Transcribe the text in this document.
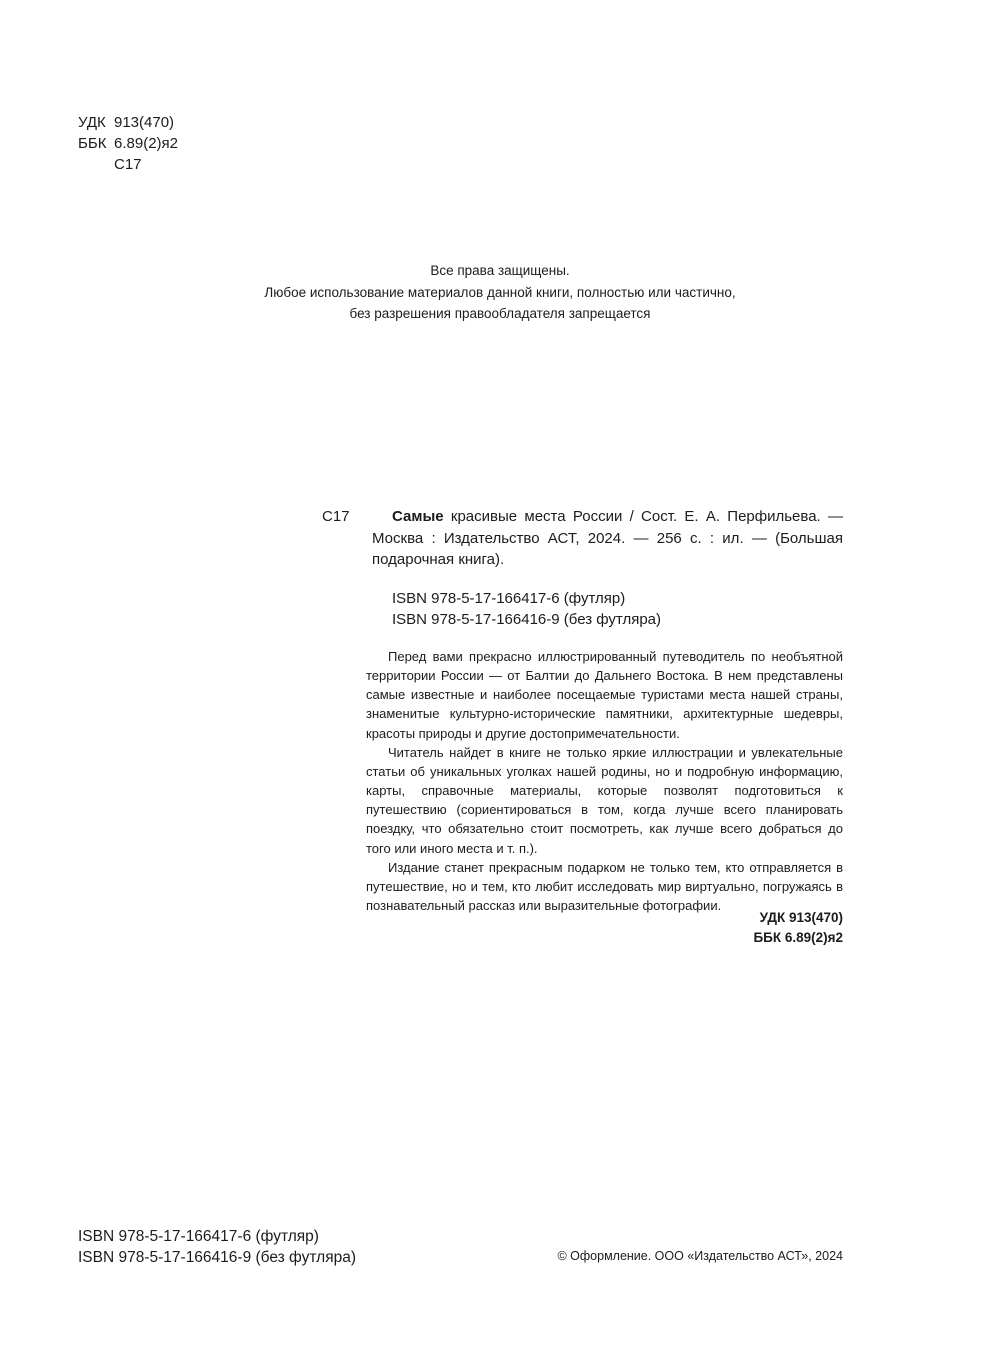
УДК 913(470)
ББК 6.89(2)я2
С17
Все права защищены.
Любое использование материалов данной книги, полностью или частично,
без разрешения правообладателя запрещается
С17	Самые красивые места России / Сост. Е. А. Перфильева. — Москва : Издательство АСТ, 2024. — 256 с. : ил. — (Большая подарочная книга).
ISBN 978-5-17-166417-6 (футляр)
ISBN 978-5-17-166416-9 (без футляра)

Перед вами прекрасно иллюстрированный путеводитель по необъятной территории России — от Балтии до Дальнего Востока. В нем представлены самые известные и наиболее посещаемые туристами места нашей страны, знаменитые культурно-исторические памятники, архитектурные шедевры, красоты природы и другие достопримечательности.

Читатель найдет в книге не только яркие иллюстрации и увлекательные статьи об уникальных уголках нашей родины, но и подробную информацию, карты, справочные материалы, которые позволят подготовиться к путешествию (сориентироваться в том, когда лучше всего планировать поездку, что обязательно стоит посмотреть, как лучше всего добраться до того или иного места и т. п.).

Издание станет прекрасным подарком не только тем, кто отправляется в путешествие, но и тем, кто любит исследовать мир виртуально, погружаясь в познавательный рассказ или выразительные фотографии.

УДК 913(470)
ББК 6.89(2)я2
ISBN 978-5-17-166417-6 (футляр)
ISBN 978-5-17-166416-9 (без футляра)	© Оформление. ООО «Издательство АСТ», 2024
